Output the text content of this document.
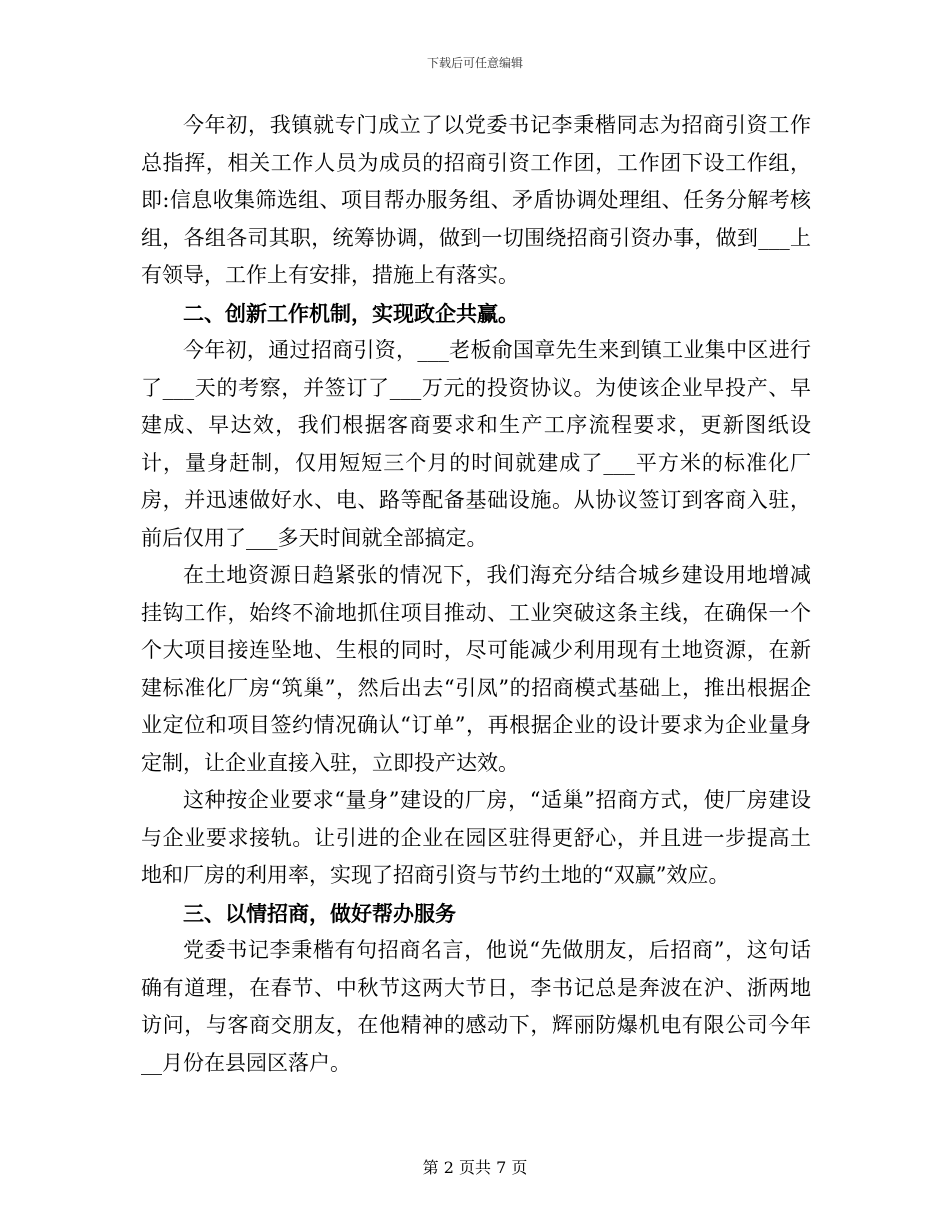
下载后可任意编辑

今年初，我镇就专门成立了以党委书记李秉楷同志为招商引资工作总指挥，相关工作人员为成员的招商引资工作团，工作团下设工作组，即:信息收集筛选组、项目帮办服务组、矛盾协调处理组、任务分解考核组，各组各司其职，统筹协调，做到一切围绕招商引资办事，做到___上有领导，工作上有安排，措施上有落实。

二、创新工作机制，实现政企共赢。

今年初，通过招商引资，___老板俞国章先生来到镇工业集中区进行了___天的考察，并签订了___万元的投资协议。为使该企业早投产、早建成、早达效，我们根据客商要求和生产工序流程要求，更新图纸设计，量身赶制，仅用短短三个月的时间就建成了___平方米的标准化厂房，并迅速做好水、电、路等配备基础设施。从协议签订到客商入驻，前后仅用了___多天时间就全部搞定。

在土地资源日趋紧张的情况下，我们海充分结合城乡建设用地增减挂钩工作，始终不渝地抓住项目推动、工业突破这条主线，在确保一个个大项目接连坠地、生根的同时，尽可能减少利用现有土地资源，在新建标准化厂房“筑巢”，然后出去“引凤”的招商模式基础上，推出根据企业定位和项目签约情况确认“订单”，再根据企业的设计要求为企业量身定制，让企业直接入驻，立即投产达效。

这种按企业要求“量身”建设的厂房，“适巢”招商方式，使厂房建设与企业要求接轨。让引进的企业在园区驻得更舒心，并且进一步提高土地和厂房的利用率，实现了招商引资与节约土地的“双赢”效应。

三、以情招商，做好帮办服务

党委书记李秉楷有句招商名言，他说“先做朋友，后招商”，这句话确有道理，在春节、中秋节这两大节日，李书记总是奔波在沪、浙两地访问，与客商交朋友，在他精神的感动下，辉丽防爆机电有限公司今年__月份在县园区落户。

第 2 页共 7 页
